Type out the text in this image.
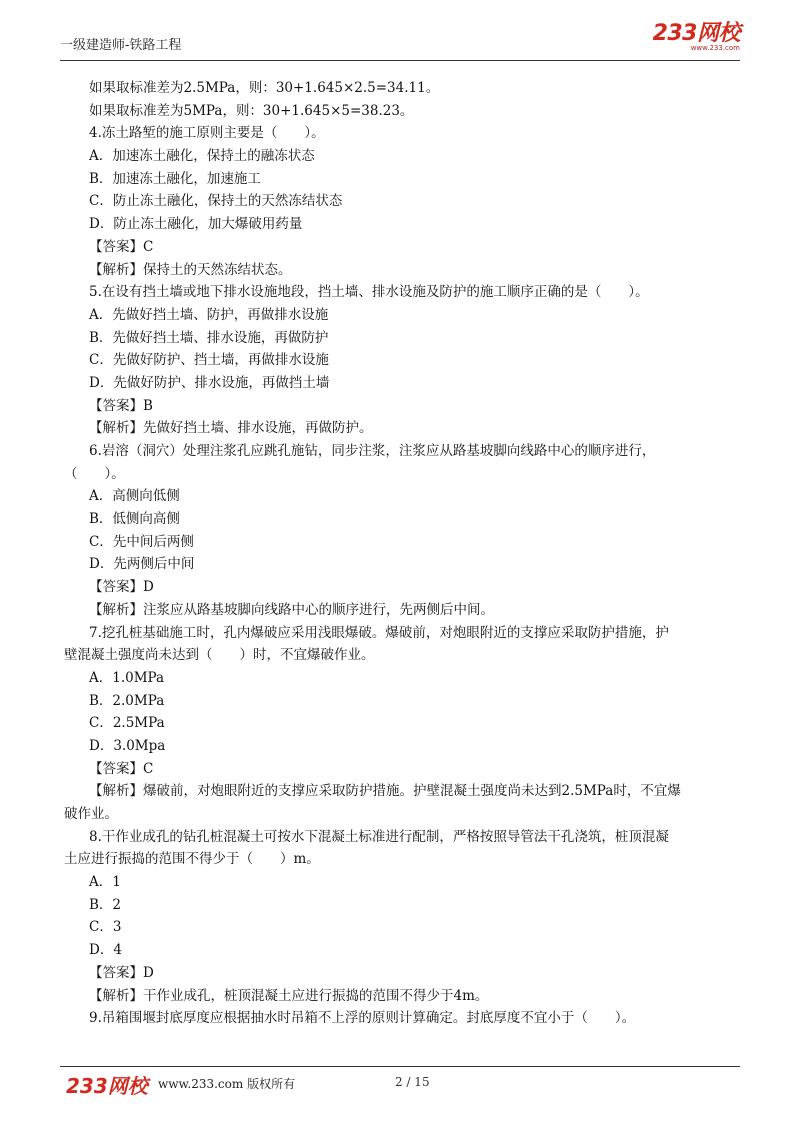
一级建造师-铁路工程	233网校
www.233.com
如果取标准差为2.5MPa，则：30+1.645×2.5=34.11。
如果取标准差为5MPa，则：30+1.645×5=38.23。
4.冻土路堑的施工原则主要是（　　）。
A．加速冻土融化，保持土的融冻状态
B．加速冻土融化，加速施工
C．防止冻土融化，保持土的天然冻结状态
D．防止冻土融化，加大爆破用药量
【答案】C
【解析】保持土的天然冻结状态。
5.在设有挡土墙或地下排水设施地段，挡土墙、排水设施及防护的施工顺序正确的是（　　）。
A．先做好挡土墙、防护，再做排水设施
B．先做好挡土墙、排水设施，再做防护
C．先做好防护、挡土墙，再做排水设施
D．先做好防护、排水设施，再做挡土墙
【答案】B
【解析】先做好挡土墙、排水设施，再做防护。
6.岩溶（洞穴）处理注浆孔应跳孔施钻，同步注浆，注浆应从路基坡脚向线路中心的顺序进行，
（　　）。
A．高侧向低侧
B．低侧向高侧
C．先中间后两侧
D．先两侧后中间
【答案】D
【解析】注浆应从路基坡脚向线路中心的顺序进行，先两侧后中间。
7.挖孔桩基础施工时，孔内爆破应采用浅眼爆破。爆破前，对炮眼附近的支撑应采取防护措施，护
壁混凝土强度尚未达到（　　）时，不宜爆破作业。
A．1.0MPa
B．2.0MPa
C．2.5MPa
D．3.0Mpa
【答案】C
【解析】爆破前，对炮眼附近的支撑应采取防护措施。护壁混凝土强度尚未达到2.5MPa时，不宜爆
破作业。
8.干作业成孔的钻孔桩混凝土可按水下混凝土标准进行配制，严格按照导管法干孔浇筑，桩顶混凝
土应进行振捣的范围不得少于（　　）m。
A．1
B．2
C．3
D．4
【答案】D
【解析】干作业成孔，桩顶混凝土应进行振捣的范围不得少于4m。
9.吊箱围堰封底厚度应根据抽水时吊箱不上浮的原则计算确定。封底厚度不宜小于（　　）。
233网校 www.233.com 版权所有	2 / 15
